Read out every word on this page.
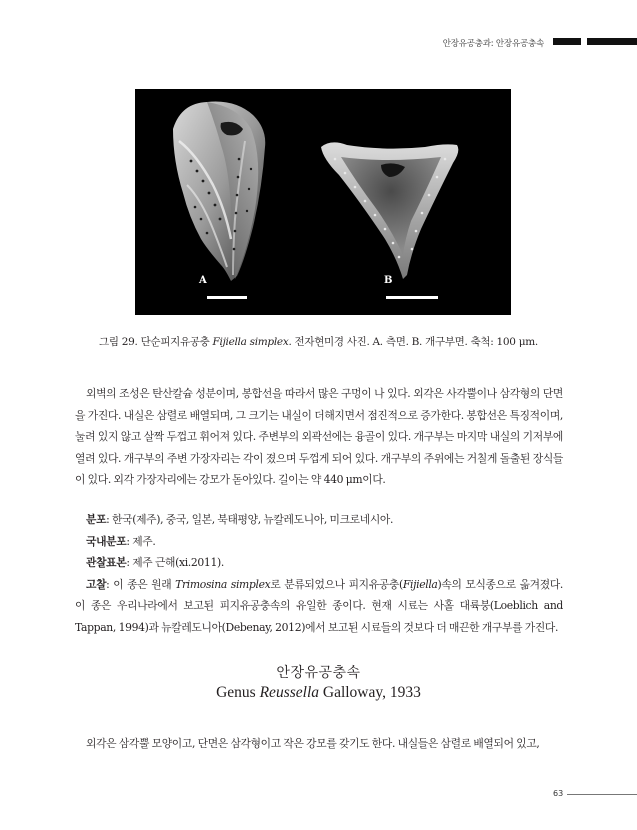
안장유공충과: 안장유공충속
A	B
그림 29. 단순피지유공충 Fijiella simplex. 전자현미경 사진. A. 측면. B. 개구부면. 축척: 100 μm.
외벽의 조성은 탄산칼슘 성분이며, 봉합선을 따라서 많은 구멍이 나 있다. 외각은 사각뿔이나 삼각형의 단면을 가진다. 내실은 삼렬로 배열되며, 그 크기는 내실이 더해지면서 점진적으로 증가한다. 봉합선은 특징적이며, 눌려 있지 않고 살짝 두껍고 휘어져 있다. 주변부의 외곽선에는 융골이 있다. 개구부는 마지막 내실의 기저부에 열려 있다. 개구부의 주변 가장자리는 각이 졌으며 두껍게 되어 있다. 개구부의 주위에는 거칠게 돌출된 장식들이 있다. 외각 가장자리에는 강모가 돋아있다. 길이는 약 440 μm이다.

분포: 한국(제주), 중국, 일본, 북태평양, 뉴칼레도니아, 미크로네시아.

국내분포: 제주.

관찰표본: 제주 근해(xi.2011).

고찰: 이 종은 원래 Trimosina simplex로 분류되었으나 피지유공충(Fijiella)속의 모식종으로 옮겨졌다. 이 종은 우리나라에서 보고된 피지유공충속의 유일한 종이다. 현재 시료는 사홀 대륙붕(Loeblich and Tappan, 1994)과 뉴칼레도니아(Debenay, 2012)에서 보고된 시료들의 것보다 더 매끈한 개구부를 가진다.

안장유공충속
Genus Reussella Galloway, 1933
외각은 삼각뿔 모양이고, 단면은 삼각형이고 작은 강모를 갖기도 한다. 내실들은 삼렬로 배열되어 있고,
63
